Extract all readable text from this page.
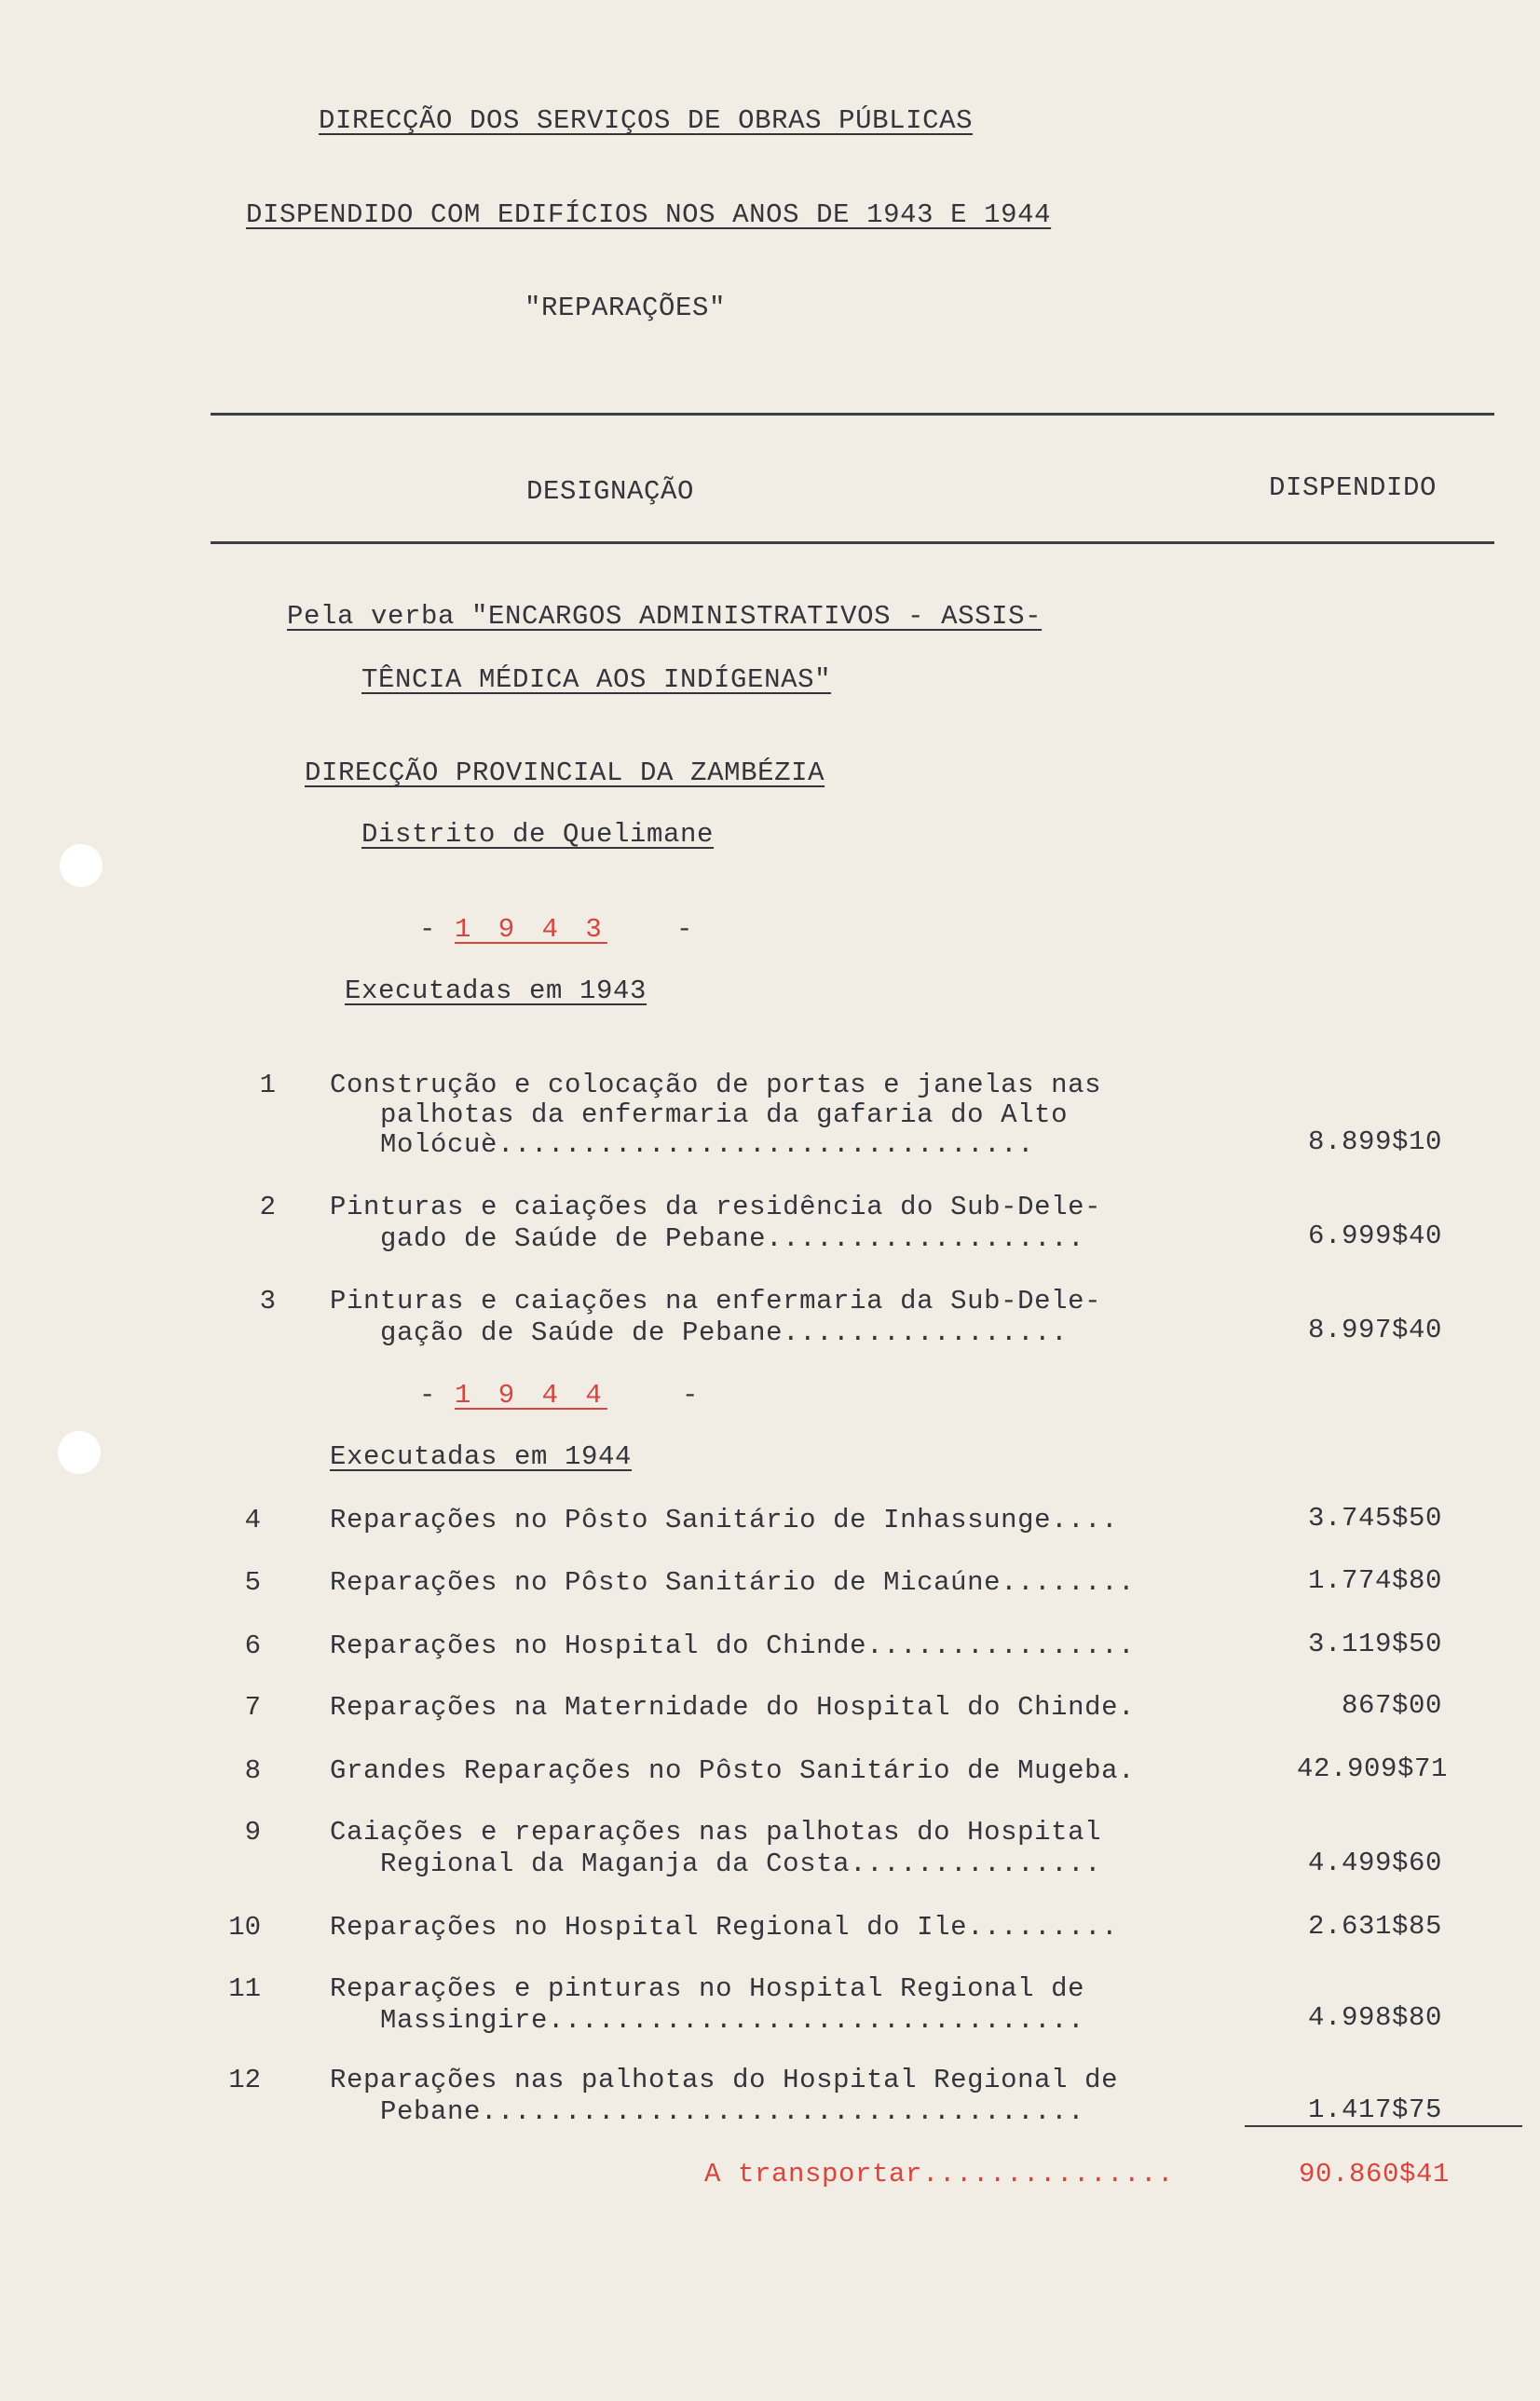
DIRECÇÃO DOS SERVIÇOS DE OBRAS PÚBLICAS
DISPENDIDO COM EDIFÍCIOS NOS ANOS DE 1943 E 1944
"REPARAÇÕES"
DESIGNAÇÃO	DISPENDIDO
Pela verba "ENCARGOS ADMINISTRATIVOS - ASSIS-
TÊNCIA MÉDICA AOS INDÍGENAS"
DIRECÇÃO PROVINCIAL DA ZAMBÉZIA
Distrito de Quelimane
- 1 9 4 3	-
Executadas em 1943
1 Construção e colocação de portas e janelas nas
palhotas da enfermaria da gafaria do Alto
Molócuè................................	8.899$10
2 Pinturas e caiações da residência do Sub-Dele-
gado de Saúde de Pebane...................	6.999$40
3 Pinturas e caiações na enfermaria da Sub-Dele-
gação de Saúde de Pebane.................	8.997$40
- 1 9 4 4	-
Executadas em 1944
4	Reparações no Pôsto Sanitário de Inhassunge....	3.745$50
5	Reparações no Pôsto Sanitário de Micaúne........	1.774$80
6	Reparações no Hospital do Chinde................	3.119$50
7	Reparações na Maternidade do Hospital do Chinde.	867$00
8	Grandes Reparações no Pôsto Sanitário de Mugeba.	42.909$71
9	Caiações e reparações nas palhotas do Hospital
Regional da Maganja da Costa...............	4.499$60
10	Reparações no Hospital Regional do Ile.........	2.631$85
11	Reparações e pinturas no Hospital Regional de
Massingire................................	4.998$80
12	Reparações nas palhotas do Hospital Regional de
Pebane....................................	1.417$75
A transportar...............	90.860$41
